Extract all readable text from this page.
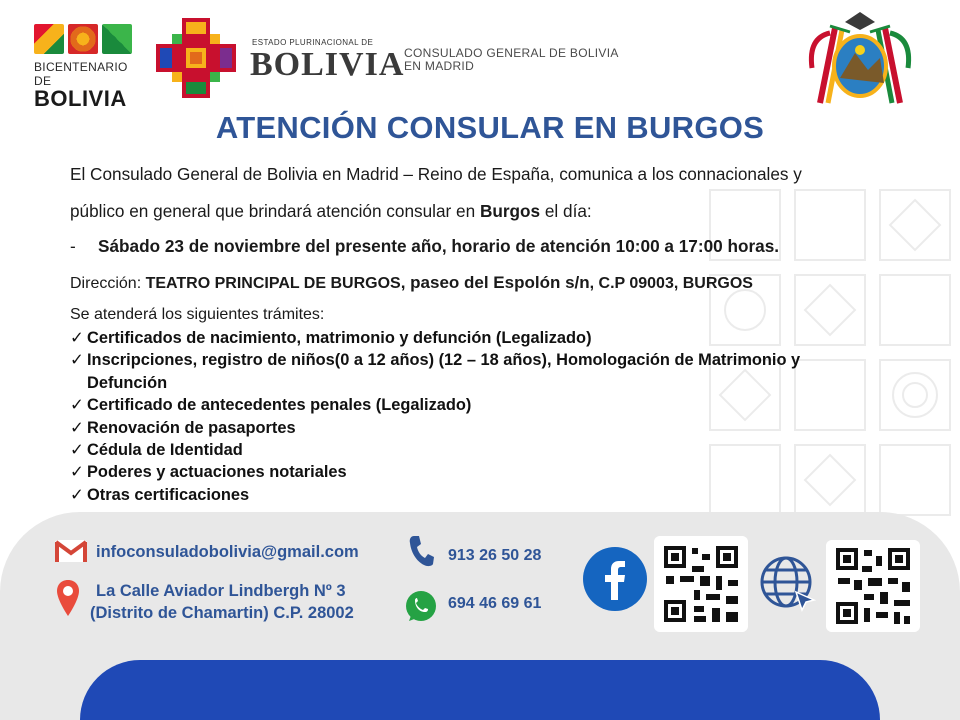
BICENTENARIO DE
BOLIVIA
ESTADO PLURINACIONAL DE
BOLIVIA CONSULADO GENERAL DE BOLIVIA
EN MADRID
ATENCIÓN CONSULAR EN BURGOS
El Consulado General de Bolivia en Madrid – Reino de España, comunica a los connacionales y
público en general que brindará atención consular en Burgos el día:
- Sábado 23 de noviembre del presente año, horario de atención 10:00 a 17:00 horas.
Dirección: TEATRO PRINCIPAL DE BURGOS, paseo del Espolón s/n, C.P 09003, BURGOS
Se atenderá los siguientes trámites:
✓ Certificados de nacimiento, matrimonio y defunción (Legalizado)
✓ Inscripciones, registro de niños(0 a 12 años) (12 – 18 años), Homologación de Matrimonio y
Defunción
✓ Certificado de antecedentes penales (Legalizado)
✓ Renovación de pasaportes
✓ Cédula de Identidad
✓ Poderes y actuaciones notariales
✓ Otras certificaciones
infoconsuladobolivia@gmail.com
La Calle Aviador Lindbergh Nº 3
(Distrito de Chamartin) C.P. 28002
913 26 50 28
694 46 69 61
